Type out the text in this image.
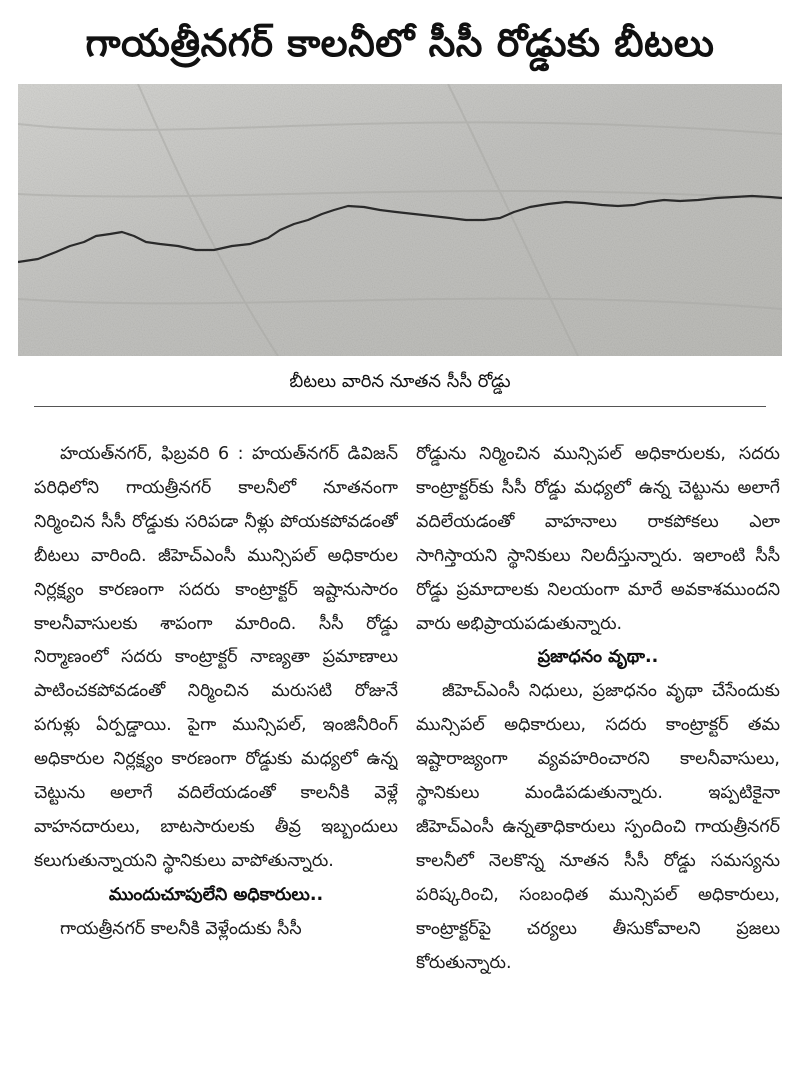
గాయత్రీనగర్ కాలనీలో సీసీ రోడ్డుకు బీటలు
బీటలు వారిన నూతన సీసీ రోడ్డు

హయత్‌నగర్, ఫిబ్రవరి 6 : హయత్‌నగర్ డివిజన్ పరిధిలోని గాయత్రీనగర్ కాలనీలో నూతనంగా నిర్మించిన సీసీ రోడ్డుకు సరిపడా నీళ్లు పోయకపోవడంతో బీటలు వారింది. జీహెచ్‌ఎంసీ మున్సిపల్ అధికారుల నిర్లక్ష్యం కారణంగా సదరు కాంట్రాక్టర్ ఇష్టానుసారం కాలనీవాసులకు శాపంగా మారింది. సీసీ రోడ్డు నిర్మాణంలో సదరు కాంట్రాక్టర్ నాణ్యతా ప్రమాణాలు పాటించకపోవడంతో నిర్మించిన మరుసటి రోజునే పగుళ్లు ఏర్పడ్డాయి. పైగా మున్సిపల్, ఇంజినీరింగ్ అధికారుల నిర్లక్ష్యం కారణంగా రోడ్డుకు మధ్యలో ఉన్న చెట్టును అలాగే వదిలేయడంతో కాలనీకి వెళ్లే వాహనదారులు, బాటసారులకు తీవ్ర ఇబ్బందులు కలుగుతున్నాయని స్థానికులు వాపోతున్నారు.

ముందుచూపులేని అధికారులు..

గాయత్రీనగర్ కాలనీకి వెళ్లేందుకు సీసీ

రోడ్డును నిర్మించిన మున్సిపల్ అధికారులకు, సదరు కాంట్రాక్టర్‌కు సీసీ రోడ్డు మధ్యలో ఉన్న చెట్టును అలాగే వదిలేయడంతో వాహనాలు రాకపోకలు ఎలా సాగిస్తాయని స్థానికులు నిలదీస్తున్నారు. ఇలాంటి సీసీ రోడ్డు ప్రమాదాలకు నిలయంగా మారే అవకాశముందని వారు అభిప్రాయపడుతున్నారు.

ప్రజాధనం వృథా..

జీహెచ్‌ఎంసీ నిధులు, ప్రజాధనం వృథా చేసేందుకు మున్సిపల్ అధికారులు, సదరు కాంట్రాక్టర్ తమ ఇష్టారాజ్యంగా వ్యవహరించారని కాలనీవాసులు, స్థానికులు మండిపడుతున్నారు. ఇప్పటికైనా జీహెచ్‌ఎంసీ ఉన్నతాధికారులు స్పందించి గాయత్రీనగర్ కాలనీలో నెలకొన్న నూతన సీసీ రోడ్డు సమస్యను పరిష్కరించి, సంబంధిత మున్సిపల్ అధికారులు, కాంట్రాక్టర్‌పై చర్యలు తీసుకోవాలని ప్రజలు కోరుతున్నారు.
